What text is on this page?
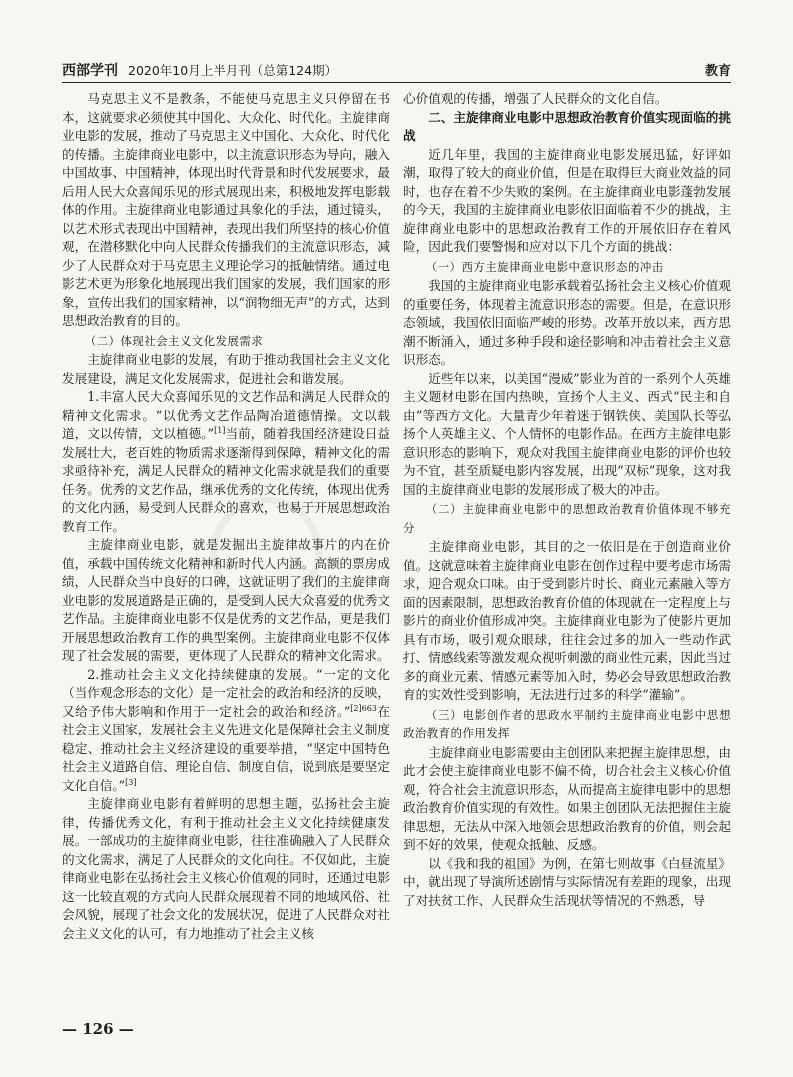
西部学刊 2020年10月上半月刊（总第124期）	教育

马克思主义不是教条，不能使马克思主义只停留在书本，这就要求必须使其中国化、大众化、时代化。主旋律商业电影的发展，推动了马克思主义中国化、大众化、时代化的传播。主旋律商业电影中，以主流意识形态为导向，融入中国故事、中国精神，体现出时代背景和时代发展要求，最后用人民大众喜闻乐见的形式展现出来，积极地发挥电影载体的作用。主旋律商业电影通过具象化的手法，通过镜头，以艺术形式表现出中国精神，表现出我们所坚持的核心价值观，在潜移默化中向人民群众传播我们的主流意识形态，减少了人民群众对于马克思主义理论学习的抵触情绪。通过电影艺术更为形象化地展现出我们国家的发展，我们国家的形象，宣传出我们的国家精神，以“润物细无声”的方式，达到思想政治教育的目的。

（二）体现社会主义文化发展需求

主旋律商业电影的发展，有助于推动我国社会主义文化发展建设，满足文化发展需求，促进社会和谐发展。

1.丰富人民大众喜闻乐见的文艺作品和满足人民群众的精神文化需求。“以优秀文艺作品陶冶道德情操。文以载道，文以传情，文以植德。”[1]当前，随着我国经济建设日益发展壮大，老百姓的物质需求逐渐得到保障，精神文化的需求亟待补充，满足人民群众的精神文化需求就是我们的重要任务。优秀的文艺作品，继承优秀的文化传统，体现出优秀的文化内涵，易受到人民群众的喜欢，也易于开展思想政治教育工作。

主旋律商业电影，就是发掘出主旋律故事片的内在价值，承载中国传统文化精神和新时代人内涵。高额的票房成绩，人民群众当中良好的口碑，这就证明了我们的主旋律商业电影的发展道路是正确的，是受到人民大众喜爱的优秀文艺作品。主旋律商业电影不仅是优秀的文艺作品，更是我们开展思想政治教育工作的典型案例。主旋律商业电影不仅体现了社会发展的需要，更体现了人民群众的精神文化需求。

2.推动社会主义文化持续健康的发展。“一定的文化（当作观念形态的文化）是一定社会的政治和经济的反映，又给予伟大影响和作用于一定社会的政治和经济。”$^{[2]663}$在社会主义国家，发展社会主义先进文化是保障社会主义制度稳定、推动社会主义经济建设的重要举措，“坚定中国特色社会主义道路自信、理论自信、制度自信，说到底是要坚定文化自信。”[3]

主旋律商业电影有着鲜明的思想主题，弘扬社会主旋律，传播优秀文化，有利于推动社会主义文化持续健康发展。一部成功的主旋律商业电影，往往准确融入了人民群众的文化需求，满足了人民群众的文化向往。不仅如此，主旋律商业电影在弘扬社会主义核心价值观的同时，还通过电影这一比较直观的方式向人民群众展现着不同的地域风俗、社会风貌，展现了社会文化的发展状况，促进了人民群众对社会主义文化的认可，有力地推动了社会主义核

心价值观的传播，增强了人民群众的文化自信。

二、主旋律商业电影中思想政治教育价值实现面临的挑战

近几年里，我国的主旋律商业电影发展迅猛，好评如潮，取得了较大的商业价值，但是在取得巨大商业效益的同时，也存在着不少失败的案例。在主旋律商业电影蓬勃发展的今天，我国的主旋律商业电影依旧面临着不少的挑战，主旋律商业电影中的思想政治教育工作的开展依旧存在着风险，因此我们要警惕和应对以下几个方面的挑战：

（一）西方主旋律商业电影中意识形态的冲击

我国的主旋律商业电影承载着弘扬社会主义核心价值观的重要任务，体现着主流意识形态的需要。但是，在意识形态领域，我国依旧面临严峻的形势。改革开放以来，西方思潮不断涌入，通过多种手段和途径影响和冲击着社会主义意识形态。

近些年以来，以美国“漫威”影业为首的一系列个人英雄主义题材电影在国内热映，宣扬个人主义、西式“民主和自由”等西方文化。大量青少年着迷于钢铁侠、美国队长等弘扬个人英雄主义、个人情怀的电影作品。在西方主旋律电影意识形态的影响下，观众对我国主旋律商业电影的评价也较为不宜，甚至质疑电影内容发展，出现“双标”现象，这对我国的主旋律商业电影的发展形成了极大的冲击。

（二）主旋律商业电影中的思想政治教育价值体现不够充分

主旋律商业电影，其目的之一依旧是在于创造商业价值。这就意味着主旋律商业电影在创作过程中要考虑市场需求，迎合观众口味。由于受到影片时长、商业元素融入等方面的因素限制，思想政治教育价值的体现就在一定程度上与影片的商业价值形成冲突。主旋律商业电影为了使影片更加具有市场，吸引观众眼球，往往会过多的加入一些动作武打、情感线索等激发观众视听刺激的商业性元素，因此当过多的商业元素、情感元素等加入时，势必会导致思想政治教育的实效性受到影响，无法进行过多的科学“灌输”。

（三）电影创作者的思政水平制约主旋律商业电影中思想政治教育的作用发挥

主旋律商业电影需要由主创团队来把握主旋律思想，由此才会使主旋律商业电影不偏不倚，切合社会主义核心价值观，符合社会主流意识形态，从而提高主旋律电影中的思想政治教育价值实现的有效性。如果主创团队无法把握住主旋律思想，无法从中深入地领会思想政治教育的价值，则会起到不好的效果，使观众抵触、反感。

以《我和我的祖国》为例，在第七则故事《白昼流星》中，就出现了导演所述剧情与实际情况有差距的现象，出现了对扶贫工作、人民群众生活现状等情况的不熟悉，导

— 126 —
